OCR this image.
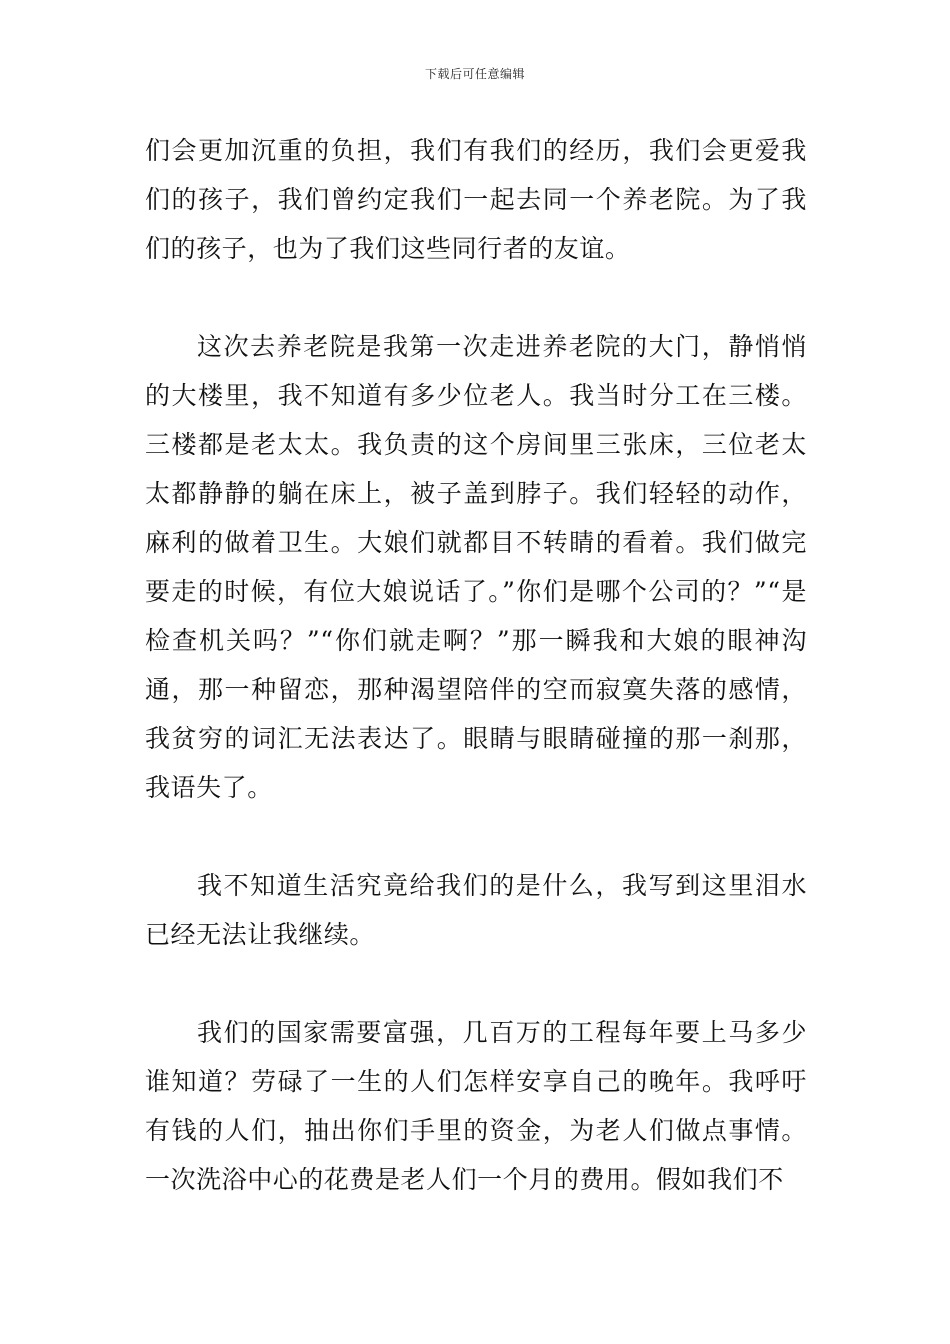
下载后可任意编辑

们会更加沉重的负担，我们有我们的经历，我们会更爱我们的孩子，我们曾约定我们一起去同一个养老院。为了我们的孩子，也为了我们这些同行者的友谊。

这次去养老院是我第一次走进养老院的大门，静悄悄的大楼里，我不知道有多少位老人。我当时分工在三楼。三楼都是老太太。我负责的这个房间里三张床，三位老太太都静静的躺在床上，被子盖到脖子。我们轻轻的动作，麻利的做着卫生。大娘们就都目不转睛的看着。我们做完要走的时候，有位大娘说话了。”你们是哪个公司的？”“是检查机关吗？”“你们就走啊？”那一瞬我和大娘的眼神沟通，那一种留恋，那种渴望陪伴的空而寂寞失落的感情，我贫穷的词汇无法表达了。眼睛与眼睛碰撞的那一刹那，我语失了。

我不知道生活究竟给我们的是什么，我写到这里泪水已经无法让我继续。

我们的国家需要富强，几百万的工程每年要上马多少谁知道？劳碌了一生的人们怎样安享自己的晚年。我呼吁有钱的人们，抽出你们手里的资金，为老人们做点事情。一次洗浴中心的花费是老人们一个月的费用。假如我们不
